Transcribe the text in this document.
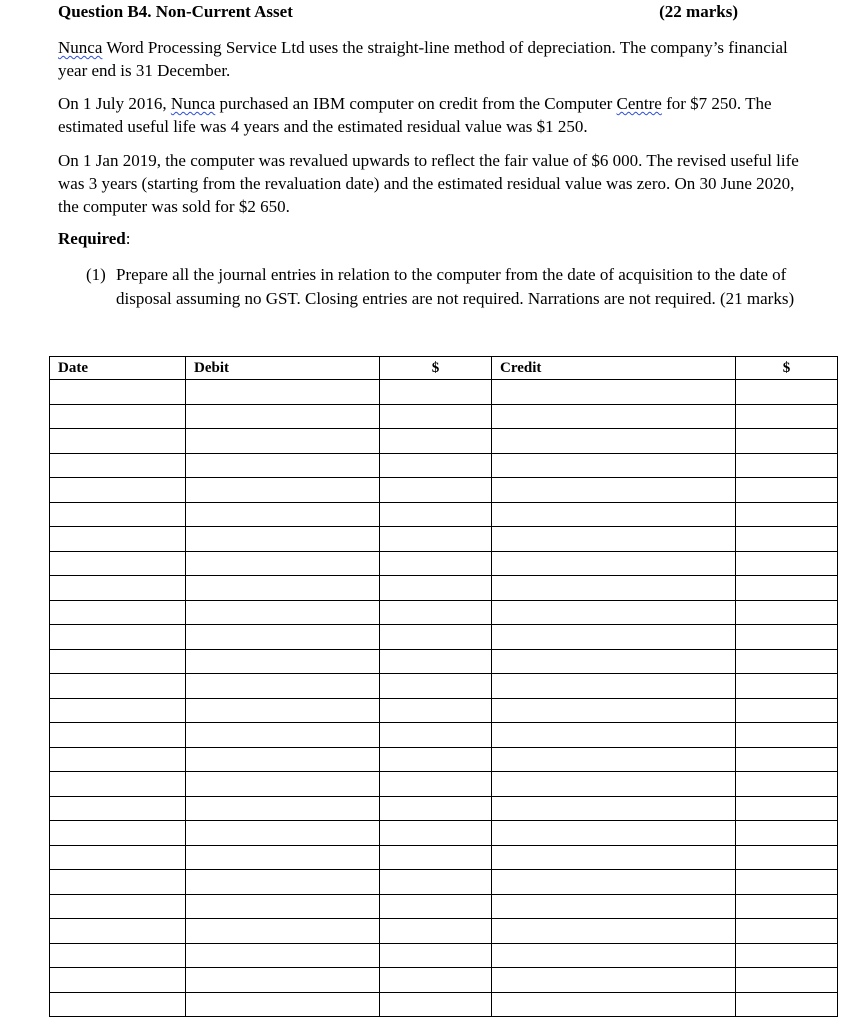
Question B4. Non-Current Asset	(22 marks)
Nunca Word Processing Service Ltd uses the straight-line method of depreciation. The company’s financial year end is 31 December.
On 1 July 2016, Nunca purchased an IBM computer on credit from the Computer Centre for $7 250. The estimated useful life was 4 years and the estimated residual value was $1 250.
On 1 Jan 2019, the computer was revalued upwards to reflect the fair value of $6 000. The revised useful life was 3 years (starting from the revaluation date) and the estimated residual value was zero. On 30 June 2020, the computer was sold for $2 650.
Required:
(1) Prepare all the journal entries in relation to the computer from the date of acquisition to the date of disposal assuming no GST. Closing entries are not required. Narrations are not required. (21 marks)
Date	Debit	$	Credit	$
